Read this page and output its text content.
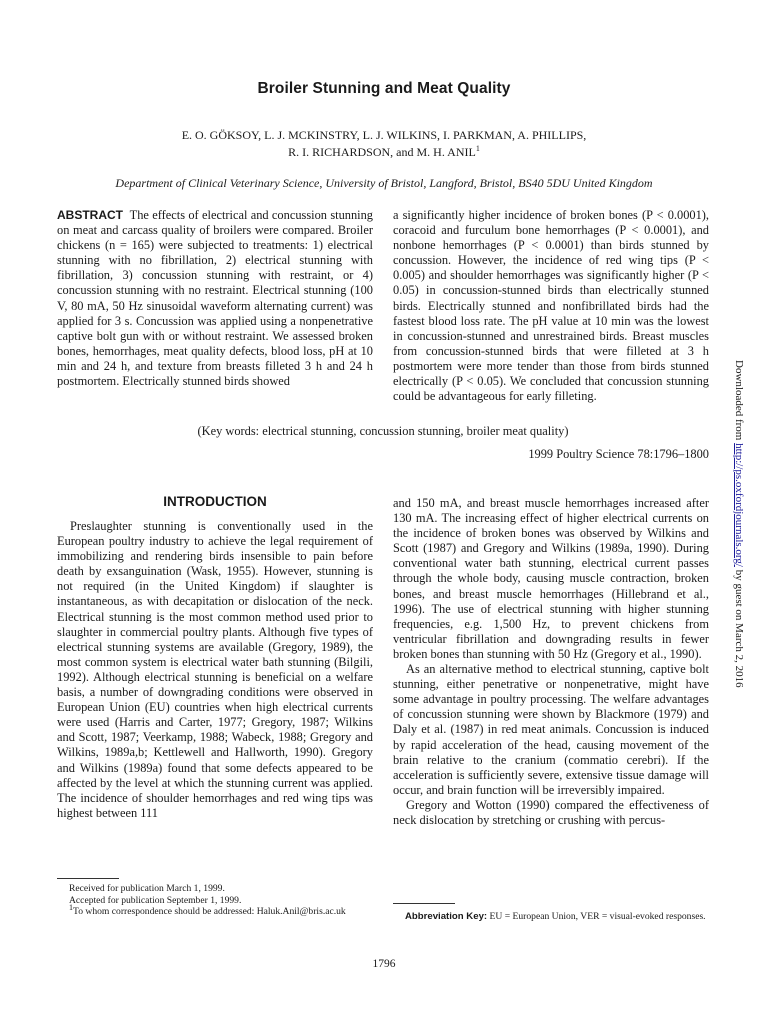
Broiler Stunning and Meat Quality
E. O. GÖKSOY, L. J. MCKINSTRY, L. J. WILKINS, I. PARKMAN, A. PHILLIPS,
R. I. RICHARDSON, and M. H. ANIL$^1$
Department of Clinical Veterinary Science, University of Bristol, Langford, Bristol, BS40 5DU United Kingdom

ABSTRACT The effects of electrical and concussion stunning on meat and carcass quality of broilers were compared. Broiler chickens (n = 165) were subjected to treatments: 1) electrical stunning with no fibrillation, 2) electrical stunning with fibrillation, 3) concussion stunning with restraint, or 4) concussion stunning with no restraint. Electrical stunning (100 V, 80 mA, 50 Hz sinusoidal waveform alternating current) was applied for 3 s. Concussion was applied using a nonpenetrative captive bolt gun with or without restraint. We assessed broken bones, hemorrhages, meat quality defects, blood loss, pH at 10 min and 24 h, and texture from breasts filleted 3 h and 24 h postmortem. Electrically stunned birds showed

a significantly higher incidence of broken bones (P < 0.0001), coracoid and furculum bone hemorrhages (P < 0.0001), and nonbone hemorrhages (P < 0.0001) than birds stunned by concussion. However, the incidence of red wing tips (P < 0.005) and shoulder hemorrhages was significantly higher (P < 0.05) in concussion-stunned birds than electrically stunned birds. Electrically stunned and nonfibrillated birds had the fastest blood loss rate. The pH value at 10 min was the lowest in concussion-stunned and unrestrained birds. Breast muscles from concussion-stunned birds that were filleted at 3 h postmortem were more tender than those from birds stunned electrically (P < 0.05). We concluded that concussion stunning could be advantageous for early filleting.

(Key words: electrical stunning, concussion stunning, broiler meat quality)
1999 Poultry Science 78:1796–1800
INTRODUCTION

Preslaughter stunning is conventionally used in the European poultry industry to achieve the legal requirement of immobilizing and rendering birds insensible to pain before death by exsanguination (Wask, 1955). However, stunning is not required (in the United Kingdom) if slaughter is instantaneous, as with decapitation or dislocation of the neck. Electrical stunning is the most common method used prior to slaughter in commercial poultry plants. Although five types of electrical stunning systems are available (Gregory, 1989), the most common system is electrical water bath stunning (Bilgili, 1992). Although electrical stunning is beneficial on a welfare basis, a number of downgrading conditions were observed in European Union (EU) countries when high electrical currents were used (Harris and Carter, 1977; Gregory, 1987; Wilkins and Scott, 1987; Veerkamp, 1988; Wabeck, 1988; Gregory and Wilkins, 1989a,b; Kettlewell and Hallworth, 1990). Gregory and Wilkins (1989a) found that some defects appeared to be affected by the level at which the stunning current was applied. The incidence of shoulder hemorrhages and red wing tips was highest between 111

and 150 mA, and breast muscle hemorrhages increased after 130 mA. The increasing effect of higher electrical currents on the incidence of broken bones was observed by Wilkins and Scott (1987) and Gregory and Wilkins (1989a, 1990). During conventional water bath stunning, electrical current passes through the whole body, causing muscle contraction, broken bones, and breast muscle hemorrhages (Hillebrand et al., 1996). The use of electrical stunning with higher stunning frequencies, e.g. 1,500 Hz, to prevent chickens from ventricular fibrillation and downgrading results in fewer broken bones than stunning with 50 Hz (Gregory et al., 1990).

As an alternative method to electrical stunning, captive bolt stunning, either penetrative or nonpenetrative, might have some advantage in poultry processing. The welfare advantages of concussion stunning were shown by Blackmore (1979) and Daly et al. (1987) in red meat animals. Concussion is induced by rapid acceleration of the head, causing movement of the brain relative to the cranium (commatio cerebri). If the acceleration is sufficiently severe, extensive tissue damage will occur, and brain function will be irreversibly impaired.

Gregory and Wotton (1990) compared the effectiveness of neck dislocation by stretching or crushing with percus-

Received for publication March 1, 1999.

Accepted for publication September 1, 1999.

$^1$To whom correspondence should be addressed: Haluk.Anil@bris.ac.uk	Abbreviation Key: EU = European Union, VER = visual-evoked responses.
1796
Downloaded from http://ps.oxfordjournals.org/ by guest on March 2, 2016
